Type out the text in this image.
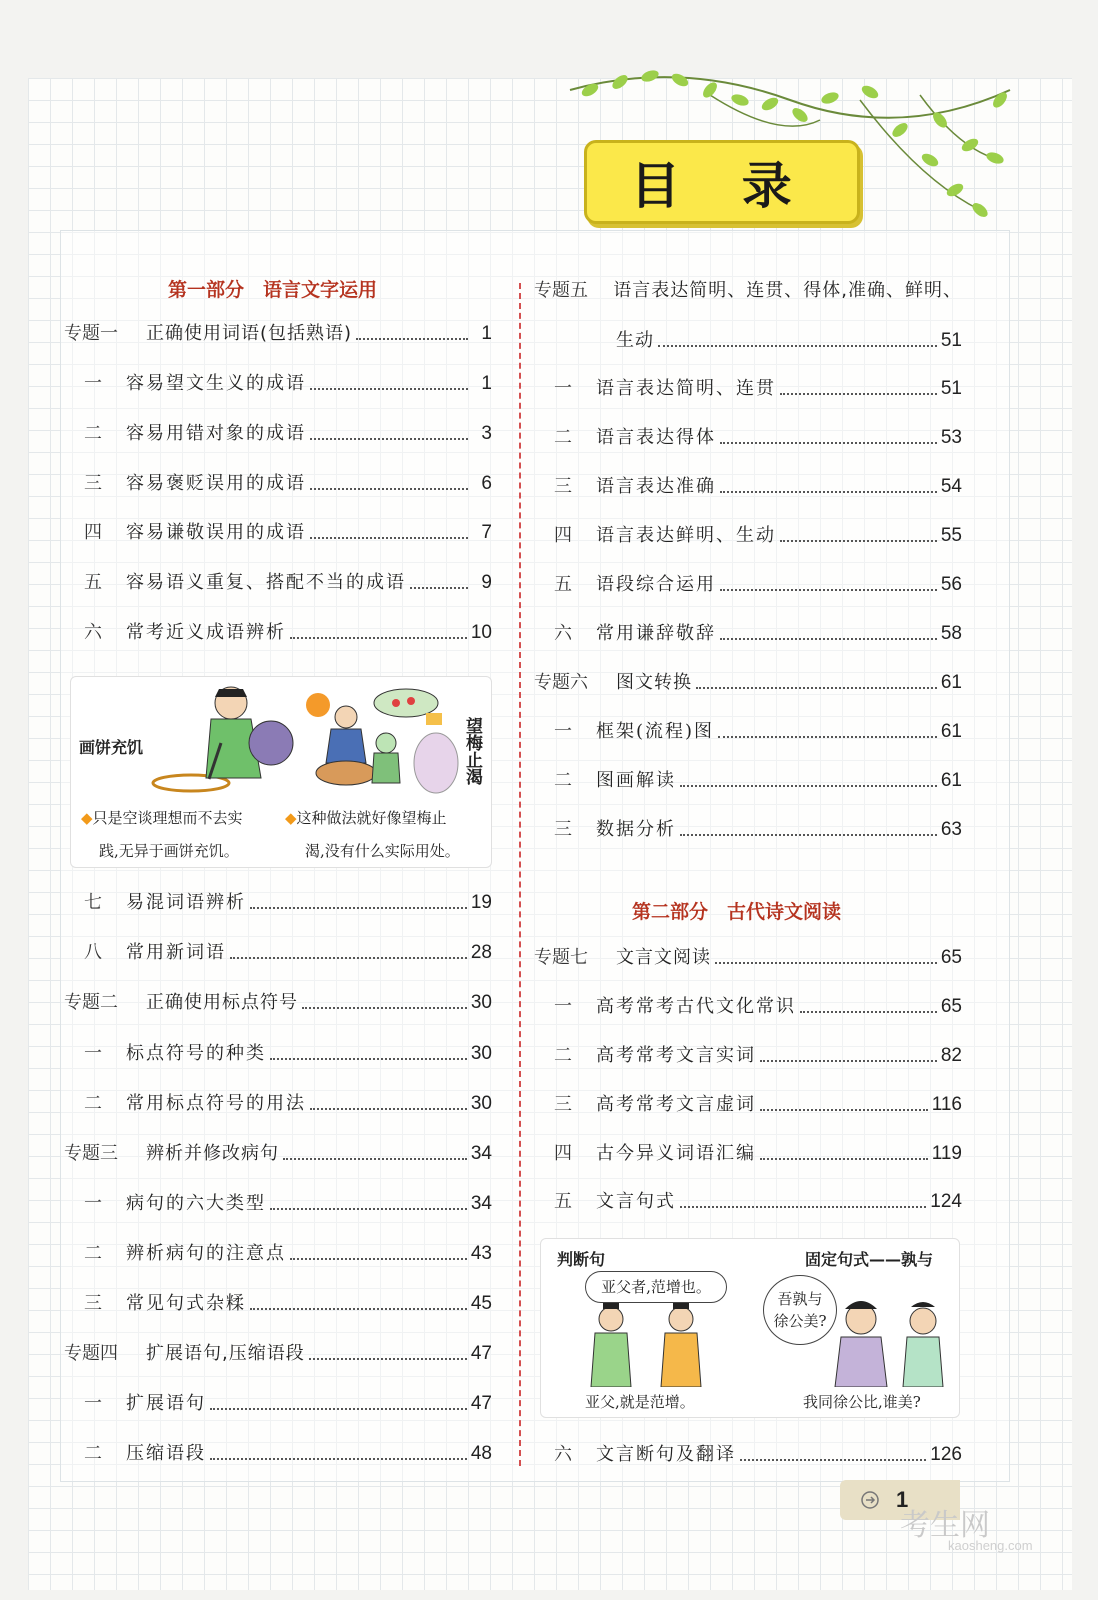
目 录
第一部分　语言文字运用
第二部分　古代诗文阅读
专题一	正确使用词语(包括熟语)	1
一	容易望文生义的成语	1
二	容易用错对象的成语	3
三	容易褒贬误用的成语	6
四	容易谦敬误用的成语	7
五	容易语义重复、搭配不当的成语	9
六	常考近义成语辨析	10
七	易混词语辨析	19
八	常用新词语	28
专题二	正确使用标点符号	30
一	标点符号的种类	30
二	常用标点符号的用法	30
专题三	辨析并修改病句	34
一	病句的六大类型	34
二	辨析病句的注意点	43
三	常见句式杂糅	45
专题四	扩展语句,压缩语段	47
一	扩展语句	47
二	压缩语段	48
专题五	语言表达简明、连贯、得体,准确、鲜明、
生动	51
一	语言表达简明、连贯	51
二	语言表达得体	53
三	语言表达准确	54
四	语言表达鲜明、生动	55
五	语段综合运用	56
六	常用谦辞敬辞	58
专题六	图文转换	61
一	框架(流程)图	61
二	图画解读	61
三	数据分析	63
专题七	文言文阅读	65
一	高考常考古代文化常识	65
二	高考常考文言实词	82
三	高考常考文言虚词	116
四	古今异义词语汇编	119
五	文言句式	124
六	文言断句及翻译	126
画饼充饥	望梅止渴
◆只是空谈理想而不去实
践,无异于画饼充饥。
◆这种做法就好像望梅止
渴,没有什么实际用处。
判断句	固定句式——孰与
亚父者,范增也。
吾孰与
徐公美?
亚父,就是范增。	我同徐公比,谁美?
1
考生网
kaosheng.com
